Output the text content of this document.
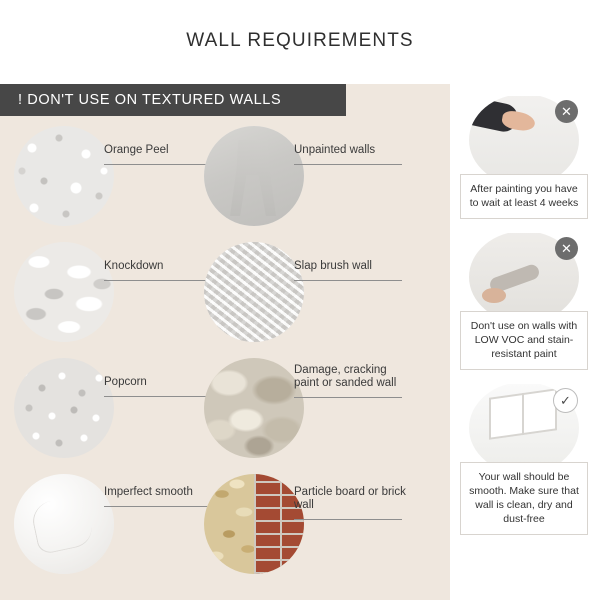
WALL REQUIREMENTS
! DON'T USE ON TEXTURED WALLS
Orange Peel	Unpainted walls
Knockdown	Slap brush wall
Popcorn
Damage, cracking paint or sanded wall
Imperfect smooth	Particle board or brick wall
✕
After painting you have to wait at least 4 weeks
✕
Don't use on walls with LOW VOC and stain-resistant paint
✓
Your wall should be smooth. Make sure that wall is clean, dry and dust-free
